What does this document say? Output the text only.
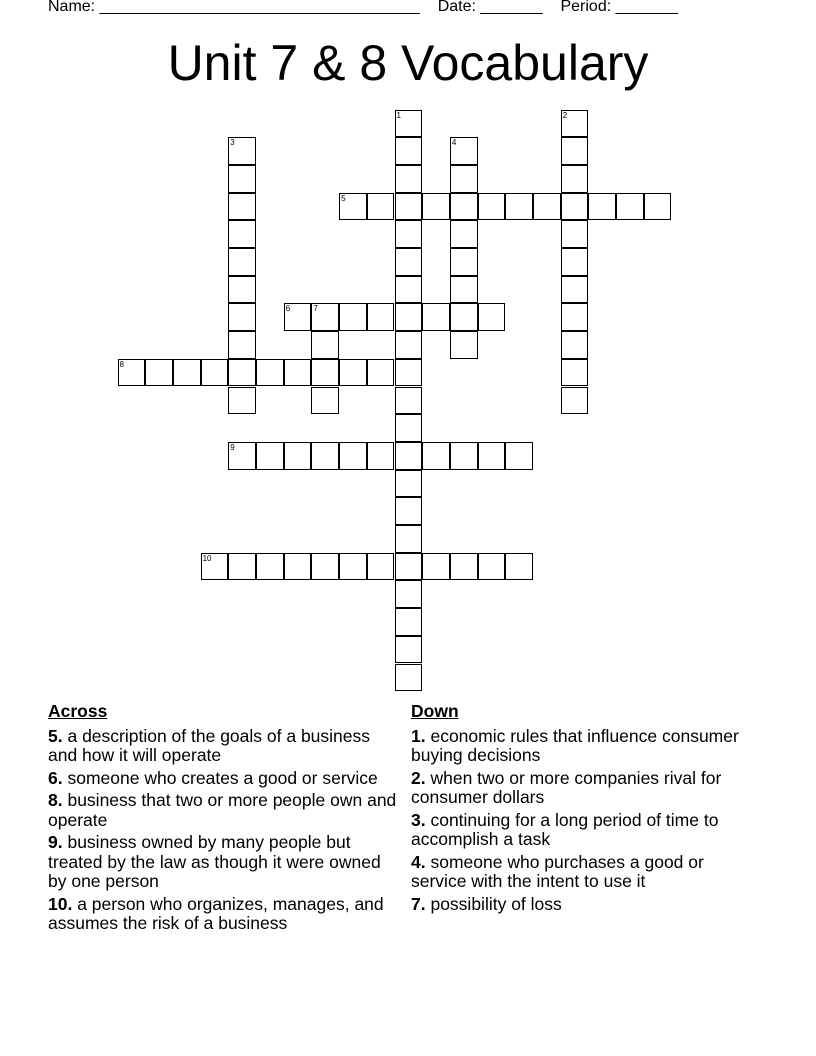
Name: ____________________________________ Date: _______ Period: _______
Unit 7 & 8 Vocabulary
1	2
3	4
5
6	7
8
9
10
Across
5. a description of the goals of a business and how it will operate
6. someone who creates a good or service
8. business that two or more people own and operate
9. business owned by many people but treated by the law as though it were owned by one person
10. a person who organizes, manages, and assumes the risk of a business
Down
1. economic rules that influence consumer buying decisions
2. when two or more companies rival for consumer dollars
3. continuing for a long period of time to accomplish a task
4. someone who purchases a good or service with the intent to use it
7. possibility of loss
